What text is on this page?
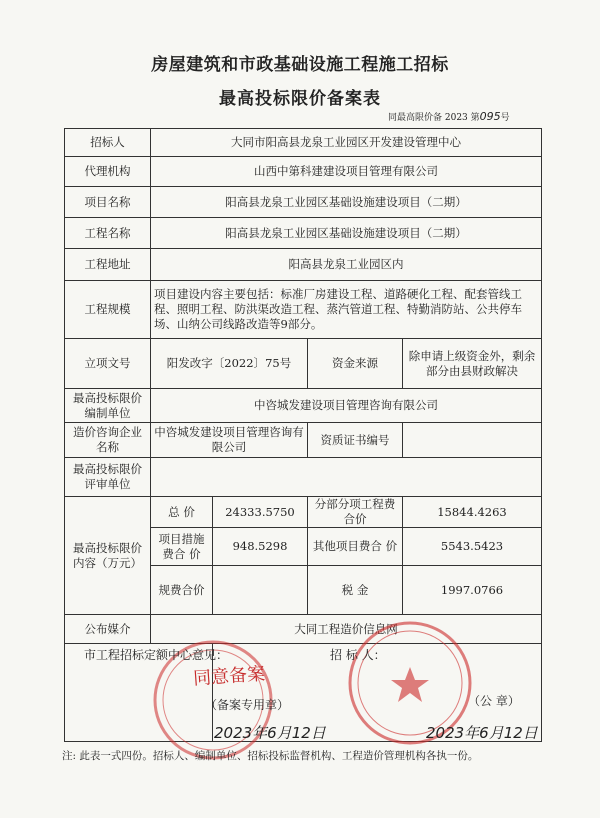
房屋建筑和市政基础设施工程施工招标
最高投标限价备案表
同最高限价备 2023 第095号
招标人	大同市阳高县龙泉工业园区开发建设管理中心			
代理机构	山西中第科建建设项目管理有限公司			
项目名称	阳高县龙泉工业园区基础设施建设项目（二期）			
工程名称	阳高县龙泉工业园区基础设施建设项目（二期）			
工程地址	阳高县龙泉工业园区内			
工程规模	项目建设内容主要包括：标准厂房建设工程、道路硬化工程、配套管线工程、照明工程、防洪渠改造工程、蒸汽管道工程、特勤消防站、公共停车场、山纳公司线路改造等9部分。			
立项文号	阳发改字〔2022〕75号		资金来源	除申请上级资金外，剩余部分由县财政解决
最高投标限价编制单位	中咨城发建设项目管理咨询有限公司			
造价咨询企业名称	中咨城发建设项目管理咨询有限公司		资质证书编号	
最高投标限价评审单位				
最高投标限价内容（万元）	总 价	24333.5750	分部分项工程费合价	15844.4263
	项目措施费合 价	948.5298	其他项目费合 价	5543.5423
	规费合价		税 金	1997.0766
公布媒介	大同工程造价信息网			

市工程招标定额中心意见：	招 标 人：
同意备案
（备案专用章）	（公 章）
2023年6月12日	2023年6月12日
注: 此表一式四份。招标人、编制单位、招标投标监督机构、工程造价管理机构各执一份。
